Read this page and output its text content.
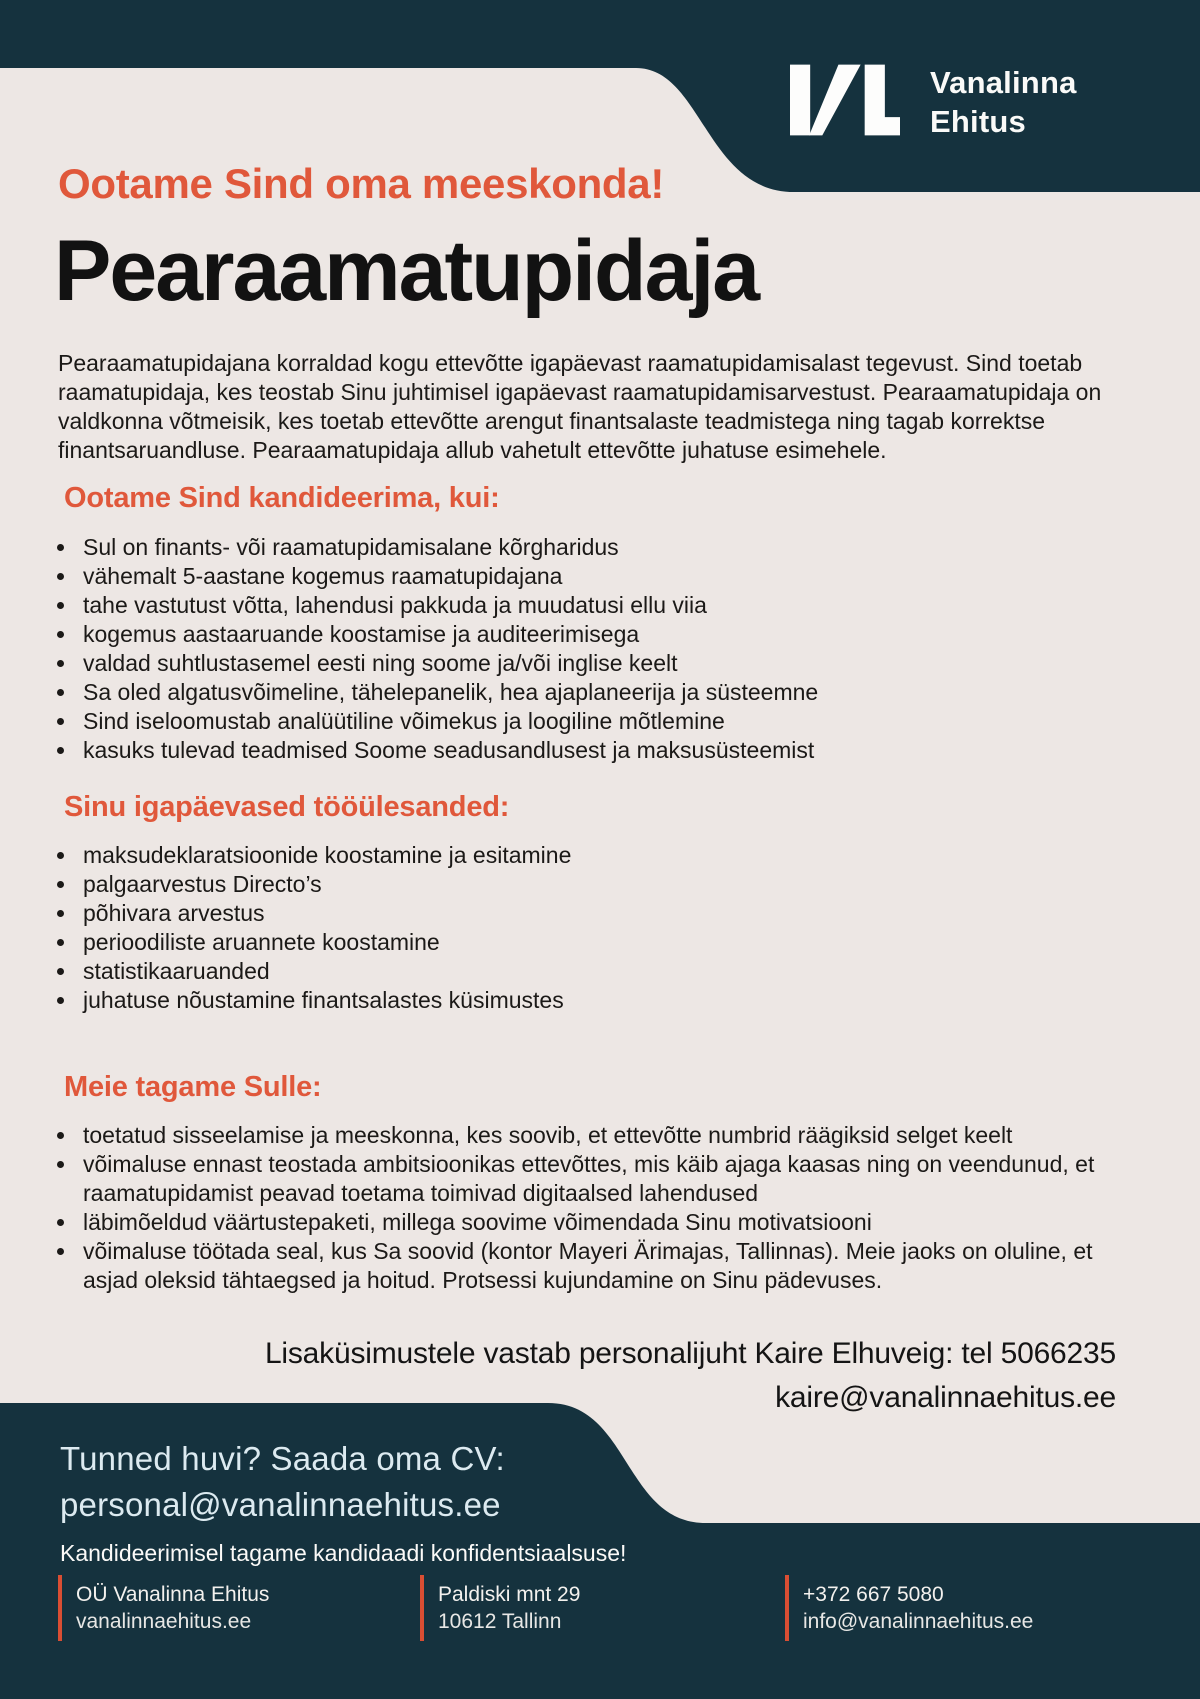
Vanalinna
Ehitus
Ootame Sind oma meeskonda!
Pearaamatupidaja
Pearaamatupidajana korraldad kogu ettevõtte igapäevast raamatupidamisalast tegevust. Sind toetab raamatupidaja, kes teostab Sinu juhtimisel igapäevast raamatupidamisarvestust. Pearaamatupidaja on valdkonna võtmeisik, kes toetab ettevõtte arengut finantsalaste teadmistega ning tagab korrektse finantsaruandluse. Pearaamatupidaja allub vahetult ettevõtte juhatuse esimehele.
Ootame Sind kandideerima, kui:
Sul on finants- või raamatupidamisalane kõrgharidus
vähemalt 5-aastane kogemus raamatupidajana
tahe vastutust võtta, lahendusi pakkuda ja muudatusi ellu viia
kogemus aastaaruande koostamise ja auditeerimisega
valdad suhtlustasemel eesti ning soome ja/või inglise keelt
Sa oled algatusvõimeline, tähelepanelik, hea ajaplaneerija ja süsteemne
Sind iseloomustab analüütiline võimekus ja loogiline mõtlemine
kasuks tulevad teadmised Soome seadusandlusest ja maksusüsteemist
Sinu igapäevased tööülesanded:
maksudeklaratsioonide koostamine ja esitamine
palgaarvestus Directo’s
põhivara arvestus
perioodiliste aruannete koostamine
statistikaaruanded
juhatuse nõustamine finantsalastes küsimustes
Meie tagame Sulle:
toetatud sisseelamise ja meeskonna, kes soovib, et ettevõtte numbrid räägiksid selget keelt
võimaluse ennast teostada ambitsioonikas ettevõttes, mis käib ajaga kaasas ning on veendunud, et raamatupidamist peavad toetama toimivad digitaalsed lahendused
läbimõeldud väärtustepaketi, millega soovime võimendada Sinu motivatsiooni
võimaluse töötada seal, kus Sa soovid (kontor Mayeri Ärimajas, Tallinnas). Meie jaoks on oluline, et asjad oleksid tähtaegsed ja hoitud. Protsessi kujundamine on Sinu pädevuses.
Lisaküsimustele vastab personalijuht Kaire Elhuveig: tel 5066235
kaire@vanalinnaehitus.ee
Tunned huvi? Saada oma CV:
personal@vanalinnaehitus.ee
Kandideerimisel tagame kandidaadi konfidentsiaalsuse!
OÜ Vanalinna Ehitus
vanalinnaehitus.ee
Paldiski mnt 29
10612 Tallinn
+372 667 5080
info@vanalinnaehitus.ee
